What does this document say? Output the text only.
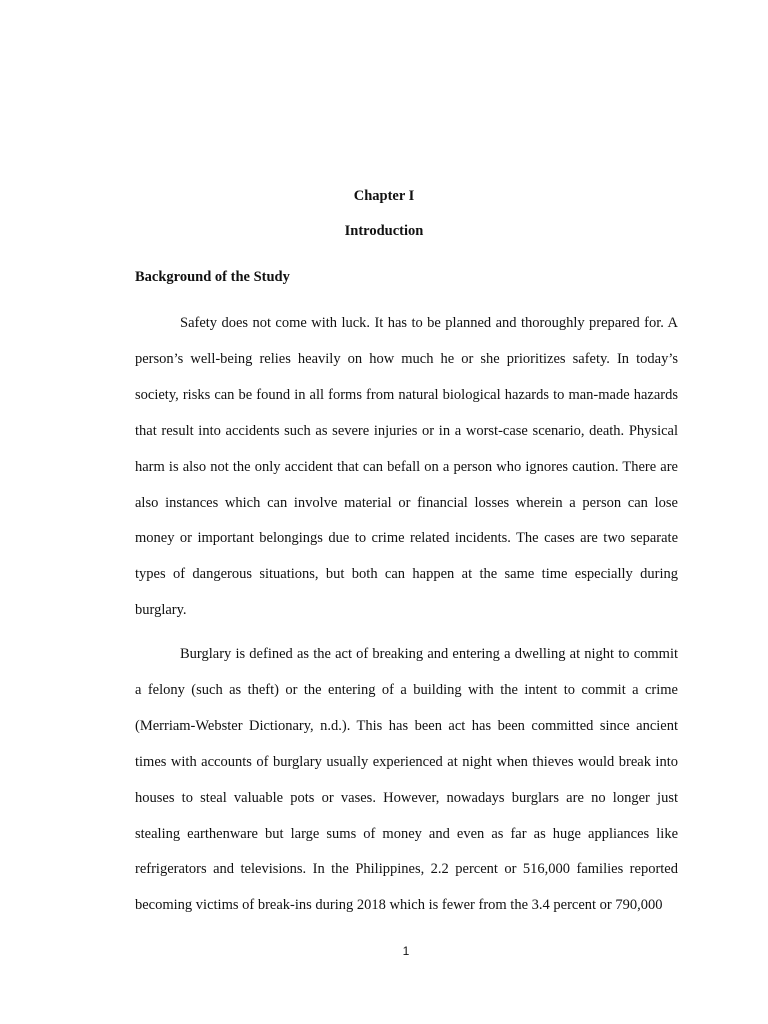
Chapter I
Introduction
Background of the Study

Safety does not come with luck. It has to be planned and thoroughly prepared for. A person’s well-being relies heavily on how much he or she prioritizes safety. In today’s society, risks can be found in all forms from natural biological hazards to man-made hazards that result into accidents such as severe injuries or in a worst-case scenario, death. Physical harm is also not the only accident that can befall on a person who ignores caution. There are also instances which can involve material or financial losses wherein a person can lose money or important belongings due to crime related incidents. The cases are two separate types of dangerous situations, but both can happen at the same time especially during burglary.

Burglary is defined as the act of breaking and entering a dwelling at night to commit a felony (such as theft) or the entering of a building with the intent to commit a crime (Merriam-Webster Dictionary, n.d.). This has been act has been committed since ancient times with accounts of burglary usually experienced at night when thieves would break into houses to steal valuable pots or vases. However, nowadays burglars are no longer just stealing earthenware but large sums of money and even as far as huge appliances like refrigerators and televisions. In the Philippines, 2.2 percent or 516,000 families reported becoming victims of break-ins during 2018 which is fewer from the 3.4 percent or 790,000

1
